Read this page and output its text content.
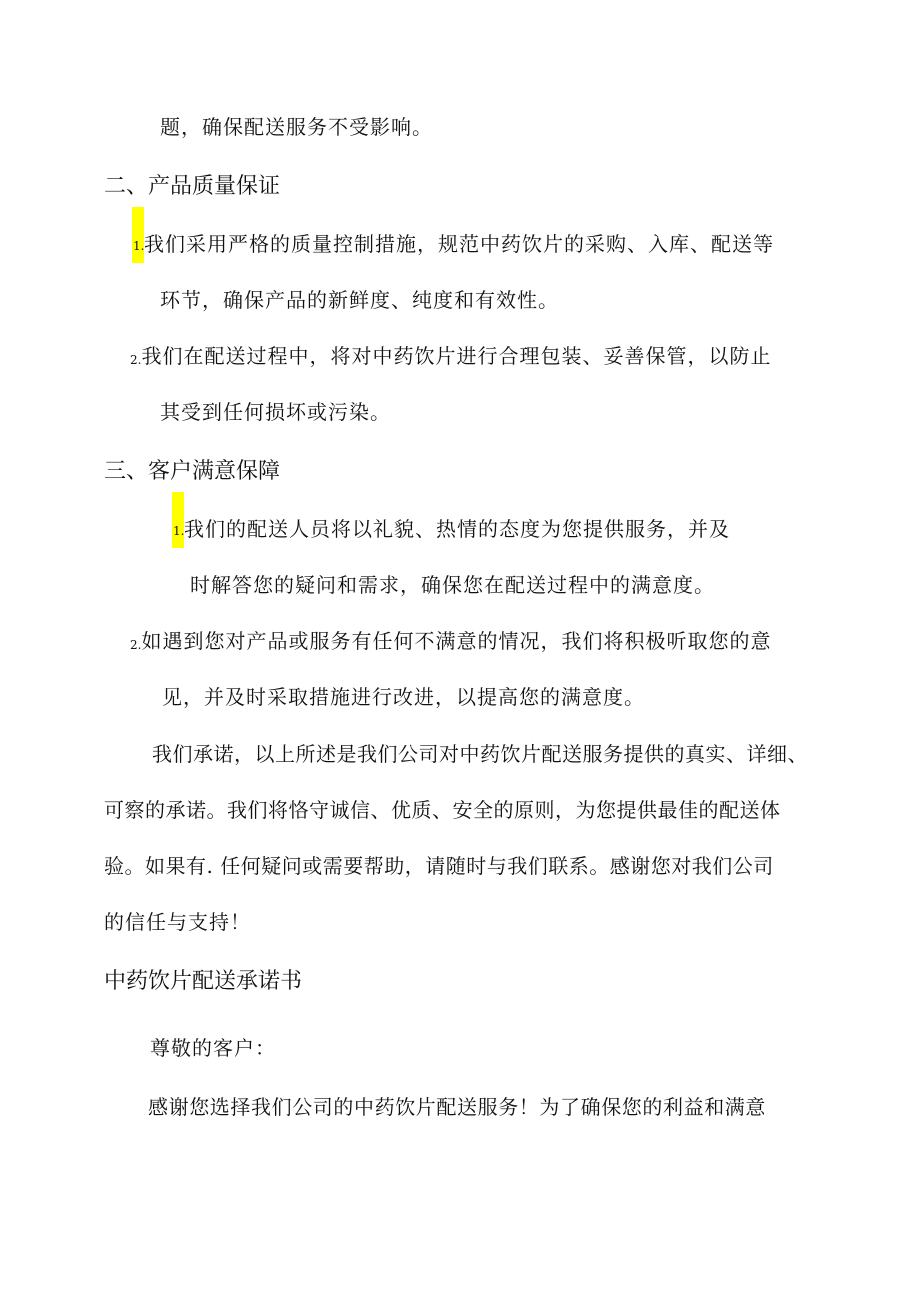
题，确保配送服务不受影响。
二、产品质量保证
1. 我们采用严格的质量控制措施，规范中药饮片的采购、入库、配送等
环节，确保产品的新鲜度、纯度和有效性。
2.我们在配送过程中，将对中药饮片进行合理包装、妥善保管，以防止
其受到任何损坏或污染。
三、客户满意保障
1. 我们的配送人员将以礼貌、热情的态度为您提供服务，并及
时解答您的疑问和需求，确保您在配送过程中的满意度。
2.如遇到您对产品或服务有任何不满意的情况，我们将积极听取您的意
见，并及时采取措施进行改进，以提高您的满意度。
我们承诺，以上所述是我们公司对中药饮片配送服务提供的真实、详细、
可察的承诺。我们将恪守诚信、优质、安全的原则，为您提供最佳的配送体
验。如果有. 任何疑问或需要帮助，请随时与我们联系。感谢您对我们公司
的信任与支持！
中药饮片配送承诺书
尊敬的客户：
感谢您选择我们公司的中药饮片配送服务！为了确保您的利益和满意
